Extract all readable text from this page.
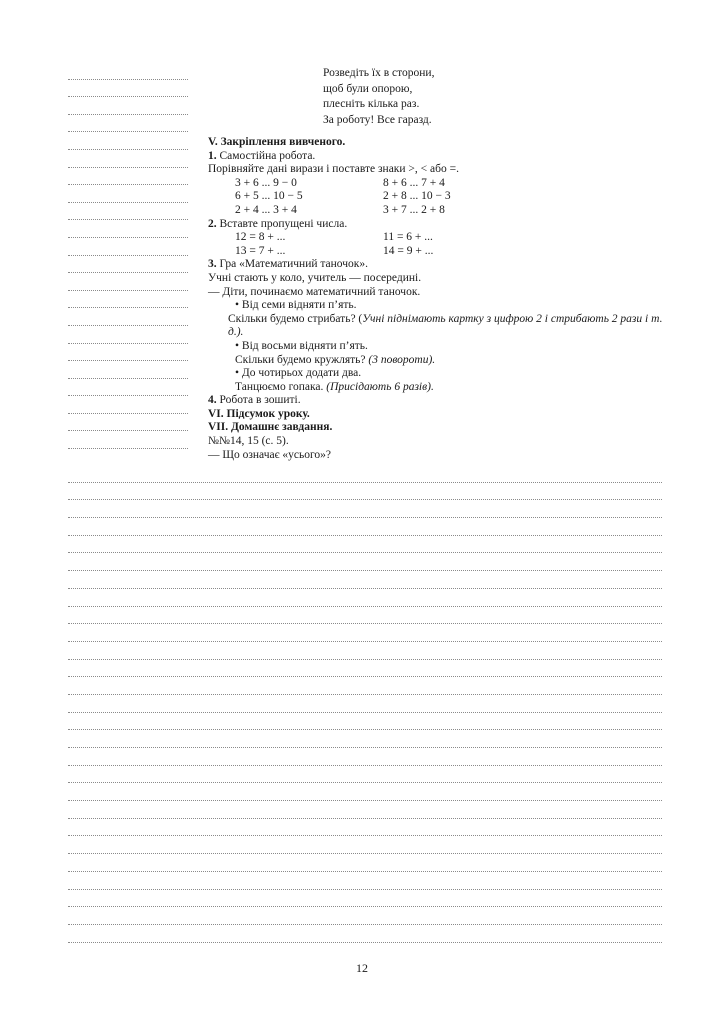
Розведіть їх в сторони,
щоб були опорою,
плесніть кілька раз.
За роботу! Все гаразд.
V. Закріплення вивченого.
1. Самостійна робота.
Порівняйте дані вирази і поставте знаки >, < або =.
3 + 6 ... 9 − 0	8 + 6 ... 7 + 4
6 + 5 ... 10 − 5	2 + 8 ... 10 − 3
2 + 4 ... 3 + 4	3 + 7 ... 2 + 8
2. Вставте пропущені числа.
12 = 8 + ...	11 = 6 + ...
13 = 7 + ...	14 = 9 + ...
3. Гра «Математичний таночок».
Учні стають у коло, учитель — посередині.
— Діти, починаємо математичний таночок.
• Від семи відняти п’ять.
Скільки будемо стрибать? (Учні піднімають картку з цифрою 2 і стрибають 2 рази і т. д.).
• Від восьми відняти п’ять.
Скільки будемо кружлять? (3 повороти).
• До чотирьох додати два.
Танцюємо гопака. (Присідають 6 разів).
4. Робота в зошиті.
VI. Підсумок уроку.
VII. Домашнє завдання.
№№14, 15 (с. 5).
— Що означає «усього»?
12
